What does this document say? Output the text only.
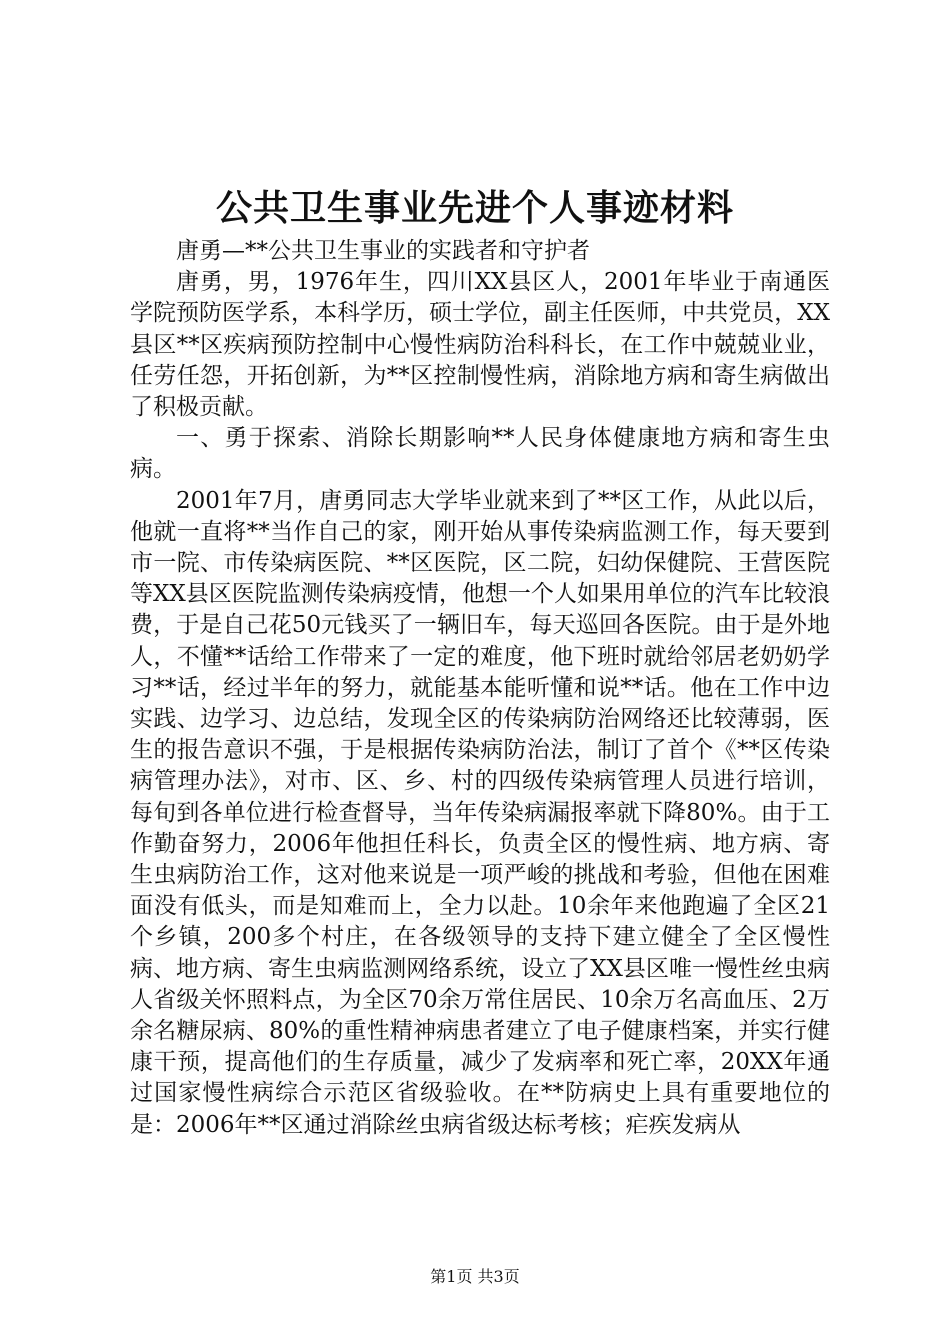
公共卫生事业先进个人事迹材料

唐勇—**公共卫生事业的实践者和守护者

唐勇，男，1976年生，四川XX县区人，2001年毕业于南通医学院预防医学系，本科学历，硕士学位，副主任医师，中共党员，XX县区**区疾病预防控制中心慢性病防治科科长，在工作中兢兢业业，任劳任怨，开拓创新，为**区控制慢性病，消除地方病和寄生病做出了积极贡献。

一、勇于探索、消除长期影响**人民身体健康地方病和寄生虫病。

2001年7月，唐勇同志大学毕业就来到了**区工作，从此以后，他就一直将**当作自己的家，刚开始从事传染病监测工作，每天要到市一院、市传染病医院、**区医院，区二院，妇幼保健院、王营医院等XX县区医院监测传染病疫情，他想一个人如果用单位的汽车比较浪费，于是自己花50元钱买了一辆旧车，每天巡回各医院。由于是外地人，不懂**话给工作带来了一定的难度，他下班时就给邻居老奶奶学习**话，经过半年的努力，就能基本能听懂和说**话。他在工作中边实践、边学习、边总结，发现全区的传染病防治网络还比较薄弱，医生的报告意识不强，于是根据传染病防治法，制订了首个《**区传染病管理办法》，对市、区、乡、村的四级传染病管理人员进行培训，每旬到各单位进行检查督导，当年传染病漏报率就下降80%。由于工作勤奋努力，2006年他担任科长，负责全区的慢性病、地方病、寄生虫病防治工作，这对他来说是一项严峻的挑战和考验，但他在困难面没有低头，而是知难而上，全力以赴。10余年来他跑遍了全区21个乡镇，200多个村庄，在各级领导的支持下建立健全了全区慢性病、地方病、寄生虫病监测网络系统，设立了XX县区唯一慢性丝虫病人省级关怀照料点，为全区70余万常住居民、10余万名高血压、2万余名糖尿病、80%的重性精神病患者建立了电子健康档案，并实行健康干预，提高他们的生存质量，减少了发病率和死亡率，20XX年通过国家慢性病综合示范区省级验收。在**防病史上具有重要地位的是：2006年**区通过消除丝虫病省级达标考核；疟疾发病从

第1页 共3页
